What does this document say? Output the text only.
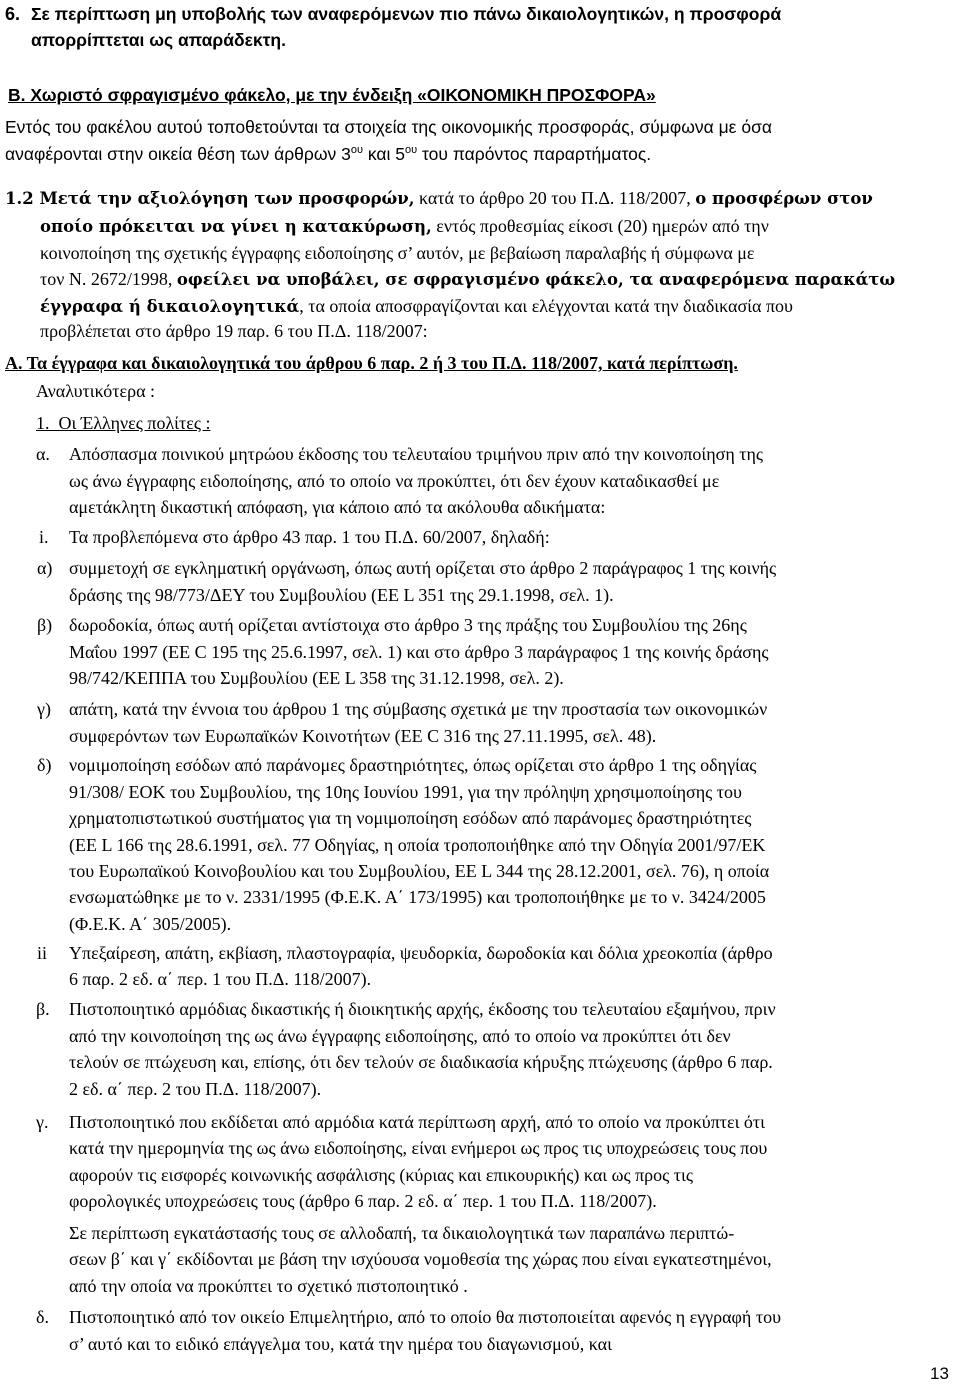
6. Σε περίπτωση μη υποβολής των αναφερόμενων πιο πάνω δικαιολογητικών, η προσφορά
απορρίπτεται ως απαράδεκτη.
Β. Χωριστό σφραγισμένο φάκελο, με την ένδειξη «ΟΙΚΟΝΟΜΙΚΗ ΠΡΟΣΦΟΡΑ»
Εντός του φακέλου αυτού τοποθετούνται τα στοιχεία της οικονομικής προσφοράς, σύμφωνα με όσα
αναφέρονται στην οικεία θέση των άρθρων $3^{o\upsilon}$ και $5^{o\upsilon}$ του παρόντος παραρτήματος.
1.2 Μετά την αξιολόγηση των προσφορών, κατά το άρθρο 20 του Π.Δ. 118/2007, ο προσφέρων στον
οποίο πρόκειται να γίνει η κατακύρωση, εντός προθεσμίας είκοσι (20) ημερών από την
κοινοποίηση της σχετικής έγγραφης ειδοποίησης σ’ αυτόν, με βεβαίωση παραλαβής ή σύμφωνα με
τον Ν. 2672/1998, οφείλει να υποβάλει, σε σφραγισμένο φάκελο, τα αναφερόμενα παρακάτω
έγγραφα ή δικαιολογητικά, τα οποία αποσφραγίζονται και ελέγχονται κατά την διαδικασία που
προβλέπεται στο άρθρο 19 παρ. 6 του Π.Δ. 118/2007:
Α. Τα έγγραφα και δικαιολογητικά του άρθρου 6 παρ. 2 ή 3 του Π.Δ. 118/2007, κατά περίπτωση.
Αναλυτικότερα :
1. Οι Έλληνες πολίτες :
α. Απόσπασμα ποινικού μητρώου έκδοσης του τελευταίου τριμήνου πριν από την κοινοποίηση της
ως άνω έγγραφης ειδοποίησης, από το οποίο να προκύπτει, ότι δεν έχουν καταδικασθεί με
αμετάκλητη δικαστική απόφαση, για κάποιο από τα ακόλουθα αδικήματα:
i. Τα προβλεπόμενα στο άρθρο 43 παρ. 1 του Π.Δ. 60/2007, δηλαδή:
α) συμμετοχή σε εγκληματική οργάνωση, όπως αυτή ορίζεται στο άρθρο 2 παράγραφος 1 της κοινής
δράσης της 98/773/ΔΕΥ του Συμβουλίου (ΕΕ L 351 της 29.1.1998, σελ. 1).
β) δωροδοκία, όπως αυτή ορίζεται αντίστοιχα στο άρθρο 3 της πράξης του Συμβουλίου της 26ης
Μαΐου 1997 (ΕΕ C 195 της 25.6.1997, σελ. 1) και στο άρθρο 3 παράγραφος 1 της κοινής δράσης
98/742/ΚΕΠΠΑ του Συμβουλίου (ΕΕ L 358 της 31.12.1998, σελ. 2).
γ) απάτη, κατά την έννοια του άρθρου 1 της σύμβασης σχετικά με την προστασία των οικονομικών
συμφερόντων των Ευρωπαϊκών Κοινοτήτων (ΕΕ C 316 της 27.11.1995, σελ. 48).
δ) νομιμοποίηση εσόδων από παράνομες δραστηριότητες, όπως ορίζεται στο άρθρο 1 της οδηγίας
91/308/ ΕΟΚ του Συμβουλίου, της 10ης Ιουνίου 1991, για την πρόληψη χρησιμοποίησης του
χρηματοπιστωτικού συστήματος για τη νομιμοποίηση εσόδων από παράνομες δραστηριότητες
(ΕΕ L 166 της 28.6.1991, σελ. 77 Οδηγίας, η οποία τροποποιήθηκε από την Οδηγία 2001/97/ΕΚ
του Ευρωπαϊκού Κοινοβουλίου και του Συμβουλίου, ΕΕ L 344 της 28.12.2001, σελ. 76), η οποία
ενσωματώθηκε με το ν. 2331/1995 (Φ.Ε.Κ. Α΄ 173/1995) και τροποποιήθηκε με το ν. 3424/2005
(Φ.Ε.Κ. Α΄ 305/2005).
ii Υπεξαίρεση, απάτη, εκβίαση, πλαστογραφία, ψευδορκία, δωροδοκία και δόλια χρεοκοπία (άρθρο
6 παρ. 2 εδ. α΄ περ. 1 του Π.Δ. 118/2007).
β. Πιστοποιητικό αρμόδιας δικαστικής ή διοικητικής αρχής, έκδοσης του τελευταίου εξαμήνου, πριν
από την κοινοποίηση της ως άνω έγγραφης ειδοποίησης, από το οποίο να προκύπτει ότι δεν
τελούν σε πτώχευση και, επίσης, ότι δεν τελούν σε διαδικασία κήρυξης πτώχευσης (άρθρο 6 παρ.
2 εδ. α΄ περ. 2 του Π.Δ. 118/2007).
γ. Πιστοποιητικό που εκδίδεται από αρμόδια κατά περίπτωση αρχή, από το οποίο να προκύπτει ότι
κατά την ημερομηνία της ως άνω ειδοποίησης, είναι ενήμεροι ως προς τις υποχρεώσεις τους που
αφορούν τις εισφορές κοινωνικής ασφάλισης (κύριας και επικουρικής) και ως προς τις
φορολογικές υποχρεώσεις τους (άρθρο 6 παρ. 2 εδ. α΄ περ. 1 του Π.Δ. 118/2007).
Σε περίπτωση εγκατάστασής τους σε αλλοδαπή, τα δικαιολογητικά των παραπάνω περιπτώ-
σεων β΄ και γ΄ εκδίδονται με βάση την ισχύουσα νομοθεσία της χώρας που είναι εγκατεστημένοι,
από την οποία να προκύπτει το σχετικό πιστοποιητικό .
δ. Πιστοποιητικό από τον οικείο Επιμελητήριο, από το οποίο θα πιστοποιείται αφενός η εγγραφή του
σ’ αυτό και το ειδικό επάγγελμα του, κατά την ημέρα του διαγωνισμού, και
13
